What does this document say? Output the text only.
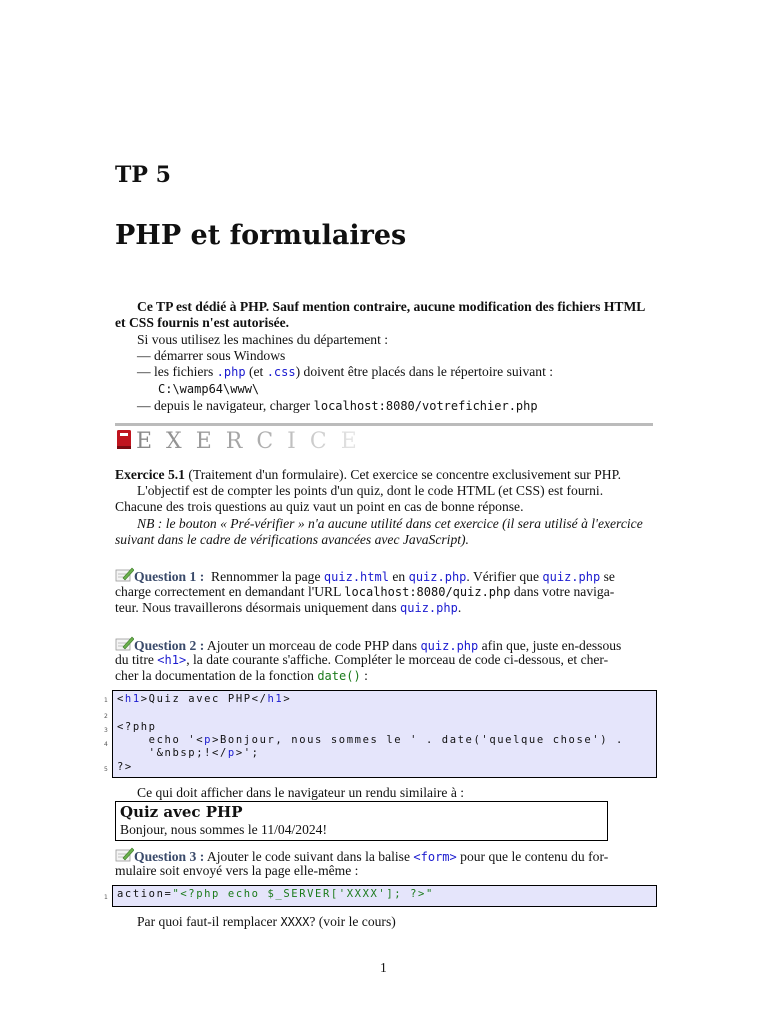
TP 5
PHP et formulaires
Ce TP est dédié à PHP. Sauf mention contraire, aucune modification des fichiers HTML
et CSS fournis n'est autorisée.
Si vous utilisez les machines du département :
— démarrer sous Windows
— les fichiers .php (et .css) doivent être placés dans le répertoire suivant :
C:\wamp64\www\
— depuis le navigateur, charger localhost:8080/votrefichier.php
EXERCICE
Exercice 5.1 (Traitement d'un formulaire). Cet exercice se concentre exclusivement sur PHP.
L'objectif est de compter les points d'un quiz, dont le code HTML (et CSS) est fourni.
Chacune des trois questions au quiz vaut un point en cas de bonne réponse.
NB : le bouton « Pré-vérifier » n'a aucune utilité dans cet exercice (il sera utilisé à l'exercice
suivant dans le cadre de vérifications avancées avec JavaScript).
Question 1 : Rennommer la page quiz.html en quiz.php. Vérifier que quiz.php se
charge correctement en demandant l'URL localhost:8080/quiz.php dans votre naviga-
teur. Nous travaillerons désormais uniquement dans quiz.php.
Question 2 : Ajouter un morceau de code PHP dans quiz.php afin que, juste en-dessous
du titre <h1>, la date courante s'affiche. Compléter le morceau de code ci-dessous, et cher-
cher la documentation de la fonction date() :
1
2
3
4
5
<h1>Quiz avec PHP</h1>
<?php
echo '<p>Bonjour, nous sommes le ' . date('quelque chose') .
'&nbsp;!</p>';
?>
Ce qui doit afficher dans le navigateur un rendu similaire à :
Quiz avec PHP
Bonjour, nous sommes le 11/04/2024!
Question 3 : Ajouter le code suivant dans la balise <form> pour que le contenu du for-
mulaire soit envoyé vers la page elle-même :
1 action="<?php echo $_SERVER['XXXX']; ?>"
Par quoi faut-il remplacer XXXX? (voir le cours)
1
